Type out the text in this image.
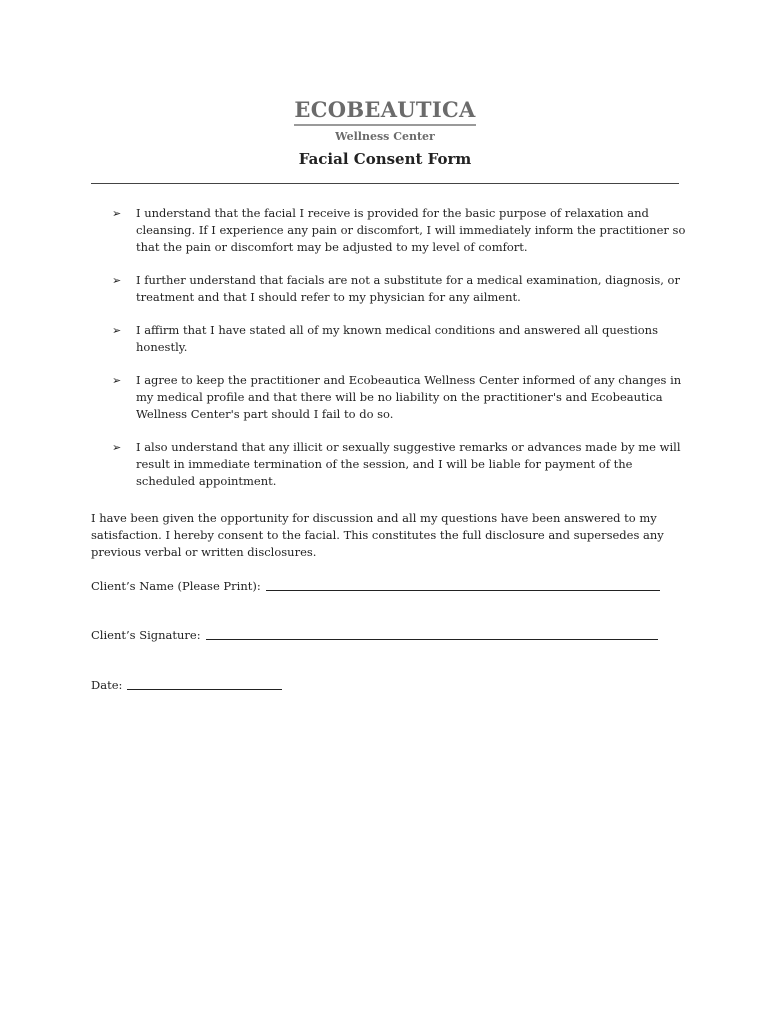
ECOBEAUTICA
Wellness Center
Facial Consent Form
➢ I understand that the facial I receive is provided for the basic purpose of relaxation and cleansing. If I experience any pain or discomfort, I will immediately inform the practitioner so that the pain or discomfort may be adjusted to my level of comfort.
➢ I further understand that facials are not a substitute for a medical examination, diagnosis, or treatment and that I should refer to my physician for any ailment.
➢ I affirm that I have stated all of my known medical conditions and answered all questions honestly.
➢ I agree to keep the practitioner and Ecobeautica Wellness Center informed of any changes in my medical profile and that there will be no liability on the practitioner's and Ecobeautica Wellness Center's part should I fail to do so.
➢ I also understand that any illicit or sexually suggestive remarks or advances made by me will result in immediate termination of the session, and I will be liable for payment of the scheduled appointment.

I have been given the opportunity for discussion and all my questions have been answered to my satisfaction. I hereby consent to the facial. This constitutes the full disclosure and supersedes any previous verbal or written disclosures.

Client’s Name (Please Print):
Client’s Signature:
Date:
